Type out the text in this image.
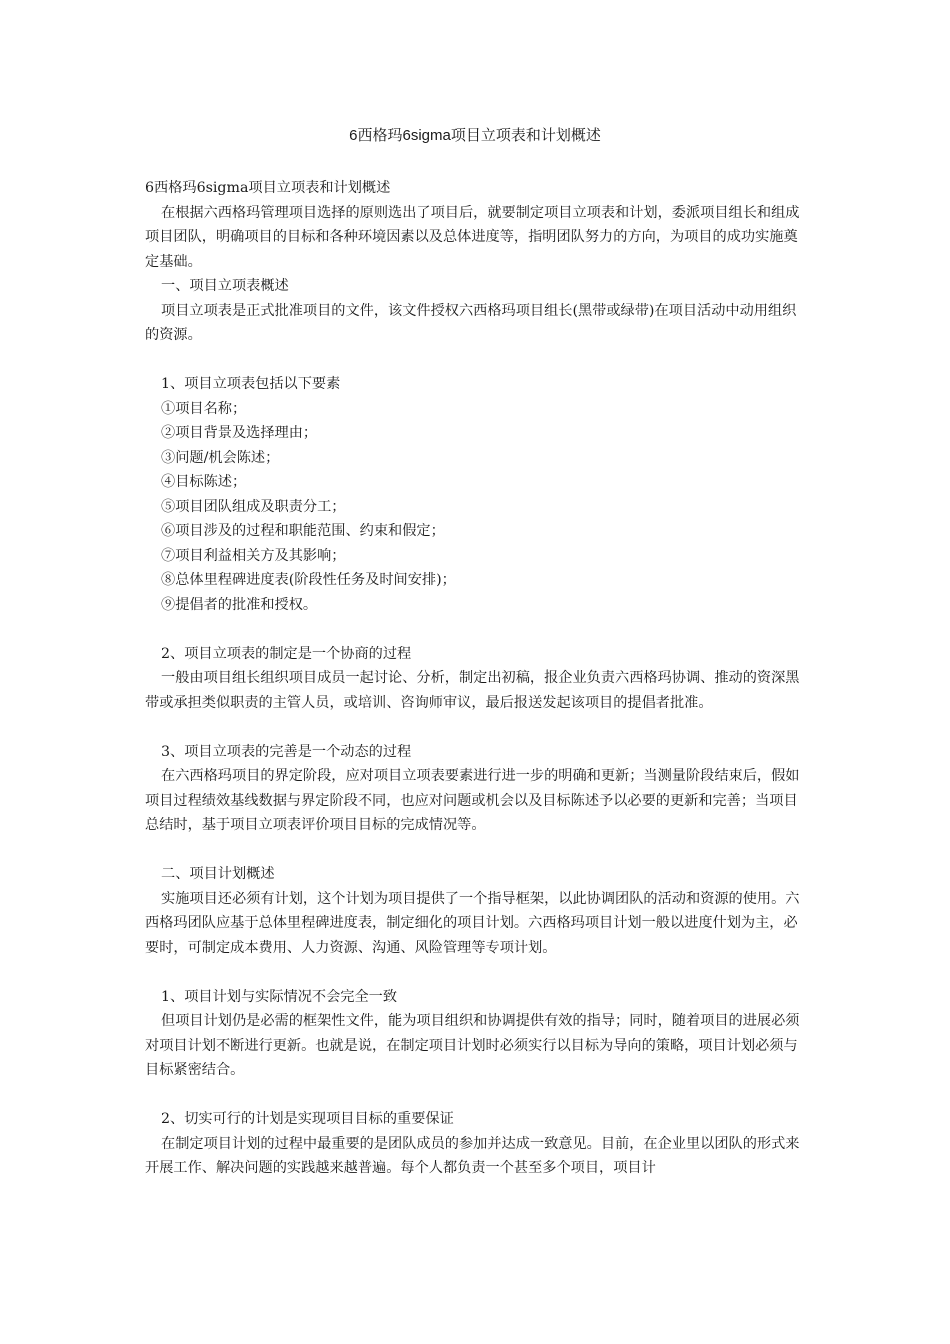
6西格玛6sigma项目立项表和计划概述

6西格玛6sigma项目立项表和计划概述

在根据六西格玛管理项目选择的原则选出了项目后，就要制定项目立项表和计划，委派项目组长和组成项目团队，明确项目的目标和各种环境因素以及总体进度等，指明团队努力的方向，为项目的成功实施奠定基础。

一、项目立项表概述

项目立项表是正式批准项目的文件，该文件授权六西格玛项目组长(黑带或绿带)在项目活动中动用组织的资源。

1、项目立项表包括以下要素

①项目名称；

②项目背景及选择理由；

③问题/机会陈述；

④目标陈述；

⑤项目团队组成及职责分工；

⑥项目涉及的过程和职能范围、约束和假定；

⑦项目利益相关方及其影响；

⑧总体里程碑进度表(阶段性任务及时间安排)；

⑨提倡者的批准和授权。

2、项目立项表的制定是一个协商的过程

一般由项目组长组织项目成员一起讨论、分析，制定出初稿，报企业负责六西格玛协调、推动的资深黑带或承担类似职责的主管人员，或培训、咨询师审议，最后报送发起该项目的提倡者批准。

3、项目立项表的完善是一个动态的过程

在六西格玛项目的界定阶段，应对项目立项表要素进行进一步的明确和更新；当测量阶段结束后，假如项目过程绩效基线数据与界定阶段不同，也应对问题或机会以及目标陈述予以必要的更新和完善；当项目总结时，基于项目立项表评价项目目标的完成情况等。

二、项目计划概述

实施项目还必须有计划，这个计划为项目提供了一个指导框架，以此协调团队的活动和资源的使用。六西格玛团队应基于总体里程碑进度表，制定细化的项目计划。六西格玛项目计划一般以进度什划为主，必要时，可制定成本费用、人力资源、沟通、风险管理等专项计划。

1、项目计划与实际情况不会完全一致

但项目计划仍是必需的框架性文件，能为项目组织和协调提供有效的指导；同时，随着项目的进展必须对项目计划不断进行更新。也就是说，在制定项目计划时必须实行以目标为导向的策略，项目计划必须与目标紧密结合。

2、切实可行的计划是实现项目目标的重要保证

在制定项目计划的过程中最重要的是团队成员的参加并达成一致意见。目前，在企业里以团队的形式来开展工作、解决问题的实践越来越普遍。每个人都负责一个甚至多个项目，项目计
